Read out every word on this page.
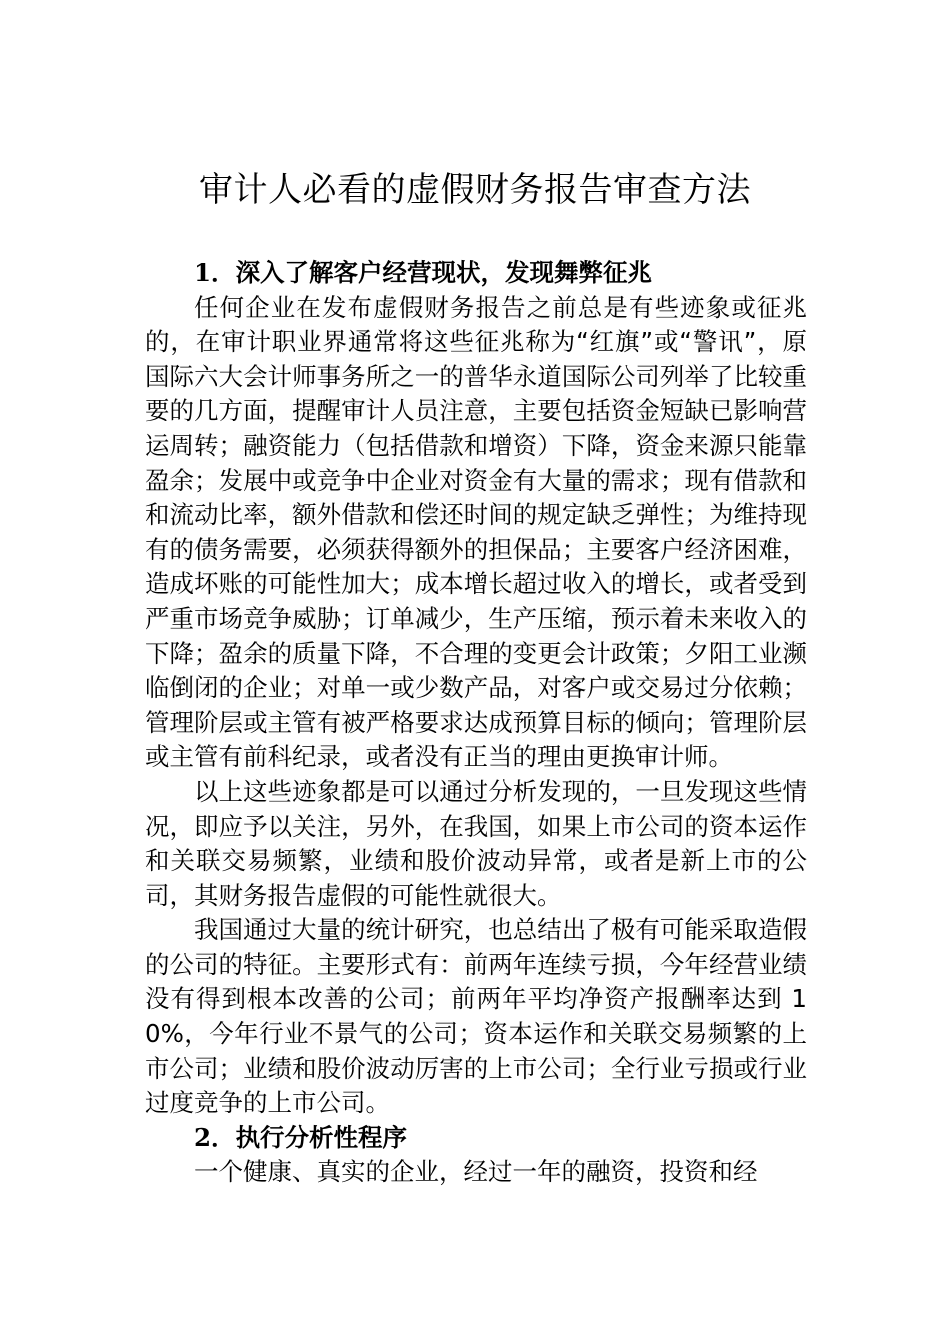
审计人必看的虚假财务报告审查方法

1．深入了解客户经营现状，发现舞弊征兆

任何企业在发布虚假财务报告之前总是有些迹象或征兆的，在审计职业界通常将这些征兆称为“红旗”或“警讯”，原国际六大会计师事务所之一的普华永道国际公司列举了比较重要的几方面，提醒审计人员注意，主要包括资金短缺已影响营运周转；融资能力（包括借款和增资）下降，资金来源只能靠盈余；发展中或竞争中企业对资金有大量的需求；现有借款和和流动比率，额外借款和偿还时间的规定缺乏弹性；为维持现有的债务需要，必须获得额外的担保品；主要客户经济困难，造成坏账的可能性加大；成本增长超过收入的增长，或者受到严重市场竞争威胁；订单减少，生产压缩，预示着未来收入的下降；盈余的质量下降，不合理的变更会计政策；夕阳工业濒临倒闭的企业；对单一或少数产品，对客户或交易过分依赖；管理阶层或主管有被严格要求达成预算目标的倾向；管理阶层或主管有前科纪录，或者没有正当的理由更换审计师。

以上这些迹象都是可以通过分析发现的，一旦发现这些情况，即应予以关注，另外，在我国，如果上市公司的资本运作和关联交易频繁，业绩和股价波动异常，或者是新上市的公司，其财务报告虚假的可能性就很大。

我国通过大量的统计研究，也总结出了极有可能采取造假的公司的特征。主要形式有：前两年连续亏损，今年经营业绩没有得到根本改善的公司；前两年平均净资产报酬率达到 10%，今年行业不景气的公司；资本运作和关联交易频繁的上市公司；业绩和股价波动厉害的上市公司；全行业亏损或行业过度竞争的上市公司。

2．执行分析性程序

一个健康、真实的企业，经过一年的融资，投资和经
